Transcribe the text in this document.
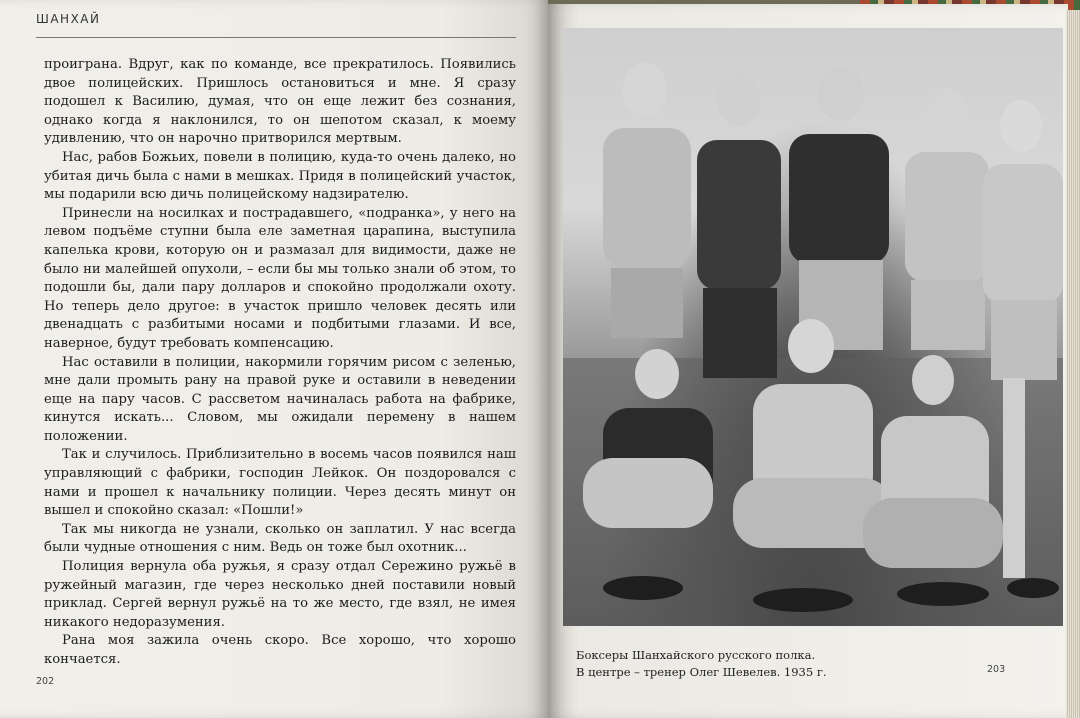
ШАНХАЙ

проиграна. Вдруг, как по команде, все прекратилось. Появились двое полицейских. Пришлось остановиться и мне. Я сразу подошел к Василию, думая, что он еще лежит без сознания, однако когда я наклонился, то он шепотом сказал, к моему удивлению, что он нарочно притворился мертвым.

Нас, рабов Божьих, повели в полицию, куда-то очень далеко, но убитая дичь была с нами в мешках. Придя в полицейский участок, мы подарили всю дичь полицейскому надзирателю.

Принесли на носилках и пострадавшего, «подранка», у него на левом подъёме ступни была еле заметная царапина, выступила капелька крови, которую он и размазал для видимости, даже не было ни малейшей опухоли, – если бы мы только знали об этом, то подошли бы, дали пару долларов и спокойно продолжали охоту. Но теперь дело другое: в участок пришло человек десять или двенадцать с разбитыми носами и подбитыми глазами. И все, наверное, будут требовать компенсацию.

Нас оставили в полиции, накормили горячим рисом с зеленью, мне дали промыть рану на правой руке и оставили в неведении еще на пару часов. С рассветом начиналась работа на фабрике, кинутся искать... Словом, мы ожидали перемену в нашем положении.

Так и случилось. Приблизительно в восемь часов появился наш управляющий с фабрики, господин Лейкок. Он поздоровался с нами и прошел к начальнику полиции. Через десять минут он вышел и спокойно сказал: «Пошли!»

Так мы никогда не узнали, сколько он заплатил. У нас всегда были чудные отношения с ним. Ведь он тоже был охотник...

Полиция вернула оба ружья, я сразу отдал Сережино ружьё в ружейный магазин, где через несколько дней поставили новый приклад. Сергей вернул ружьё на то же место, где взял, не имея никакого недоразумения.

Рана моя зажила очень скоро. Все хорошо, что хорошо кончается.

202
Боксеры Шанхайского русского полка.
В центре – тренер Олег Шевелев. 1935 г.	203
